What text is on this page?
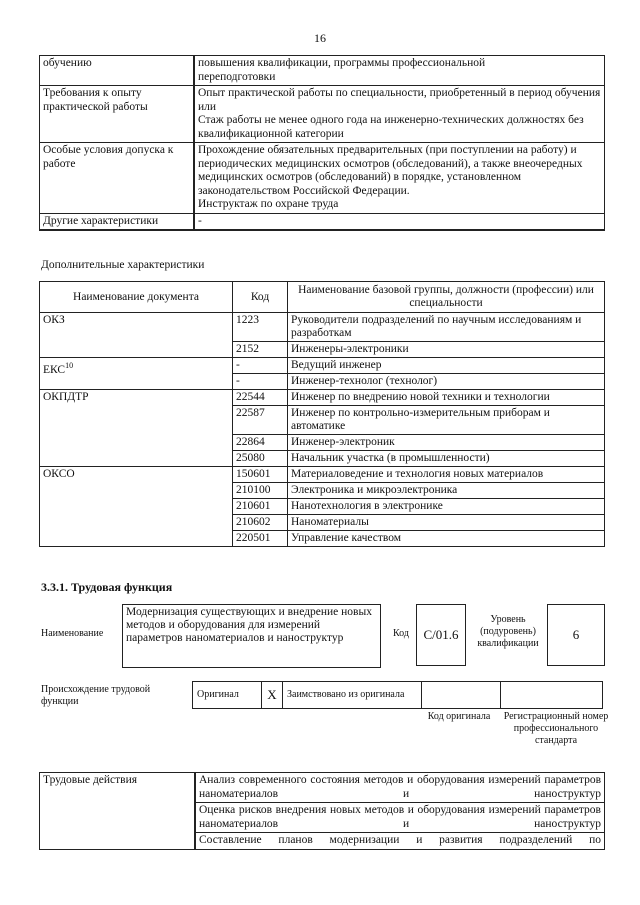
16
обучению	повышения квалификации, программы профессиональной
переподготовки

Требования к опыту практической работы	Опыт практической работы по специальности, приобретенный в период обучения или
Стаж работы не менее одного года на инженерно-технических должностях без квалификационной категории

Особые условия допуска к работе	Прохождение обязательных предварительных (при поступлении на работу) и периодических медицинских осмотров (обследований), а также внеочередных медицинских осмотров (обследований) в порядке, установленном законодательством Российской Федерации.
Инструктаж по охране труда

Другие характеристики	-
Дополнительные характеристики
Наименование документа	Код	Наименование базовой группы, должности (профессии) или специальности
ОКЗ	1223	Руководители подразделений по научным исследованиям и разработкам
	2152	Инженеры-электроники
ЕКС$^{10}$	-	Ведущий инженер
	-	Инженер-технолог (технолог)
ОКПДТР	22544	Инженер по внедрению новой техники и технологии
	22587	Инженер по контрольно-измерительным приборам и автоматике
	22864	Инженер-электроник
	25080	Начальник участка (в промышленности)
ОКСО	150601	Материаловедение и технология новых материалов
	210100	Электроника и микроэлектроника
	210601	Нанотехнология в электронике
	210602	Наноматериалы
	220501	Управление качеством
3.3.1. Трудовая функция
Наименование
Модернизация существующих и внедрение новых методов и оборудования для измерений параметров наноматериалов и наноструктур	Код	С/01.6
Уровень (подуровень) квалификации
6
Происхождение трудовой функции
Оригинал	X	Заимствовано из оригинала		
Код оригинала	Регистрационный номер профессионального стандарта
Трудовые действия	Анализ современного состояния методов и оборудования измерений параметров наноматериалов и наноструктур
Оценка рисков внедрения новых методов и оборудования измерений параметров наноматериалов и наноструктур
Составление планов модернизации и развития подразделений по
